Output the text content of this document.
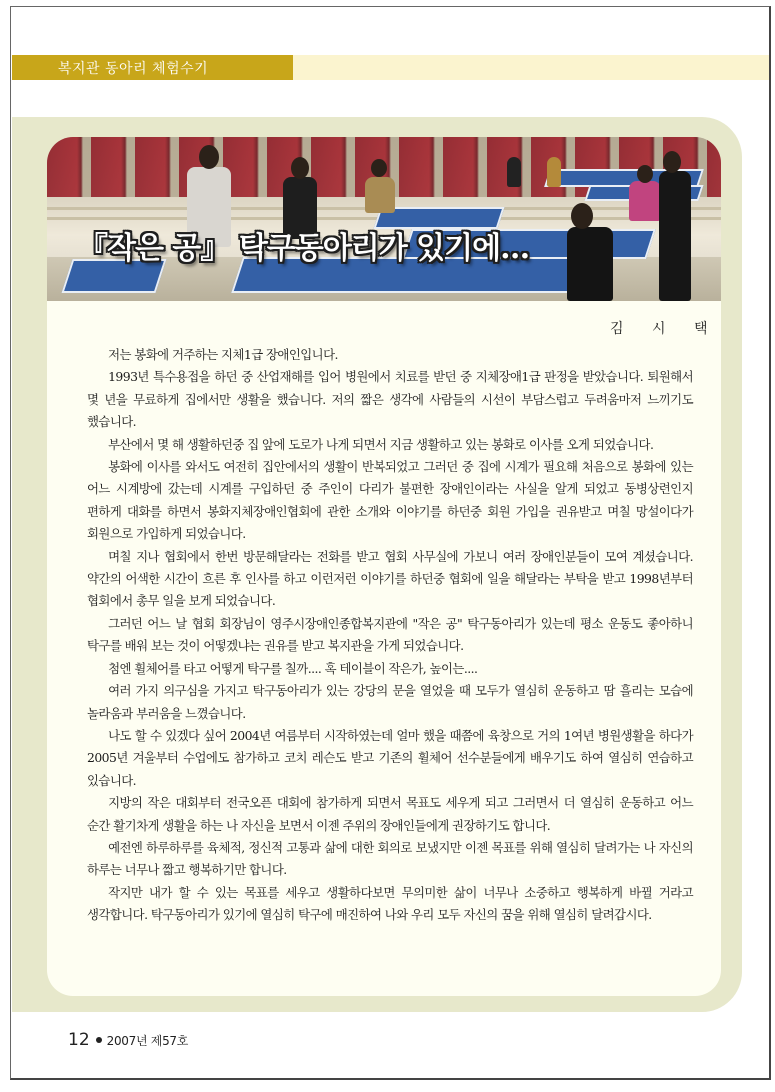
복지관 동아리 체험수기
『작은 공』 탁구동아리가 있기에…
김 시 택

저는 봉화에 거주하는 지체1급 장애인입니다.

1993년 특수용접을 하던 중 산업재해를 입어 병원에서 치료를 받던 중 지체장애1급 판정을 받았습니다. 퇴원해서 몇 년을 무료하게 집에서만 생활을 했습니다. 저의 짧은 생각에 사람들의 시선이 부담스럽고 두려움마저 느끼기도 했습니다.

부산에서 몇 해 생활하던중 집 앞에 도로가 나게 되면서 지금 생활하고 있는 봉화로 이사를 오게 되었습니다.

봉화에 이사를 와서도 여전히 집안에서의 생활이 반복되었고 그러던 중 집에 시계가 필요해 처음으로 봉화에 있는 어느 시계방에 갔는데 시계를 구입하던 중 주인이 다리가 불편한 장애인이라는 사실을 알게 되었고 동병상련인지 편하게 대화를 하면서 봉화지체장애인협회에 관한 소개와 이야기를 하던중 회원 가입을 권유받고 며칠 망설이다가 회원으로 가입하게 되었습니다.

며칠 지나 협회에서 한번 방문해달라는 전화를 받고 협회 사무실에 가보니 여러 장애인분들이 모여 계셨습니다. 약간의 어색한 시간이 흐른 후 인사를 하고 이런저런 이야기를 하던중 협회에 일을 해달라는 부탁을 받고 1998년부터 협회에서 총무 일을 보게 되었습니다.

그러던 어느 날 협회 회장님이 영주시장애인종합복지관에 "작은 공" 탁구동아리가 있는데 평소 운동도 좋아하니 탁구를 배워 보는 것이 어떻겠냐는 권유를 받고 복지관을 가게 되었습니다.

첨엔 휠체어를 타고 어떻게 탁구를 칠까.... 혹 테이블이 작은가, 높이는....

여러 가지 의구심을 가지고 탁구동아리가 있는 강당의 문을 열었을 때 모두가 열심히 운동하고 땀 흘리는 모습에 놀라움과 부러움을 느꼈습니다.

나도 할 수 있겠다 싶어 2004년 여름부터 시작하였는데 얼마 했을 때쯤에 육창으로 거의 1여년 병원생활을 하다가 2005년 겨울부터 수업에도 참가하고 코치 레슨도 받고 기존의 휠체어 선수분들에게 배우기도 하여 열심히 연습하고 있습니다.

지방의 작은 대회부터 전국오픈 대회에 참가하게 되면서 목표도 세우게 되고 그러면서 더 열심히 운동하고 어느 순간 활기차게 생활을 하는 나 자신을 보면서 이젠 주위의 장애인들에게 권장하기도 합니다.

예전엔 하루하루를 육체적, 정신적 고통과 삶에 대한 회의로 보냈지만 이젠 목표를 위해 열심히 달려가는 나 자신의 하루는 너무나 짧고 행복하기만 합니다.

작지만 내가 할 수 있는 목표를 세우고 생활하다보면 무의미한 삶이 너무나 소중하고 행복하게 바뀔 거라고 생각합니다. 탁구동아리가 있기에 열심히 탁구에 매진하여 나와 우리 모두 자신의 꿈을 위해 열심히 달려갑시다.

12 2007년 제57호
